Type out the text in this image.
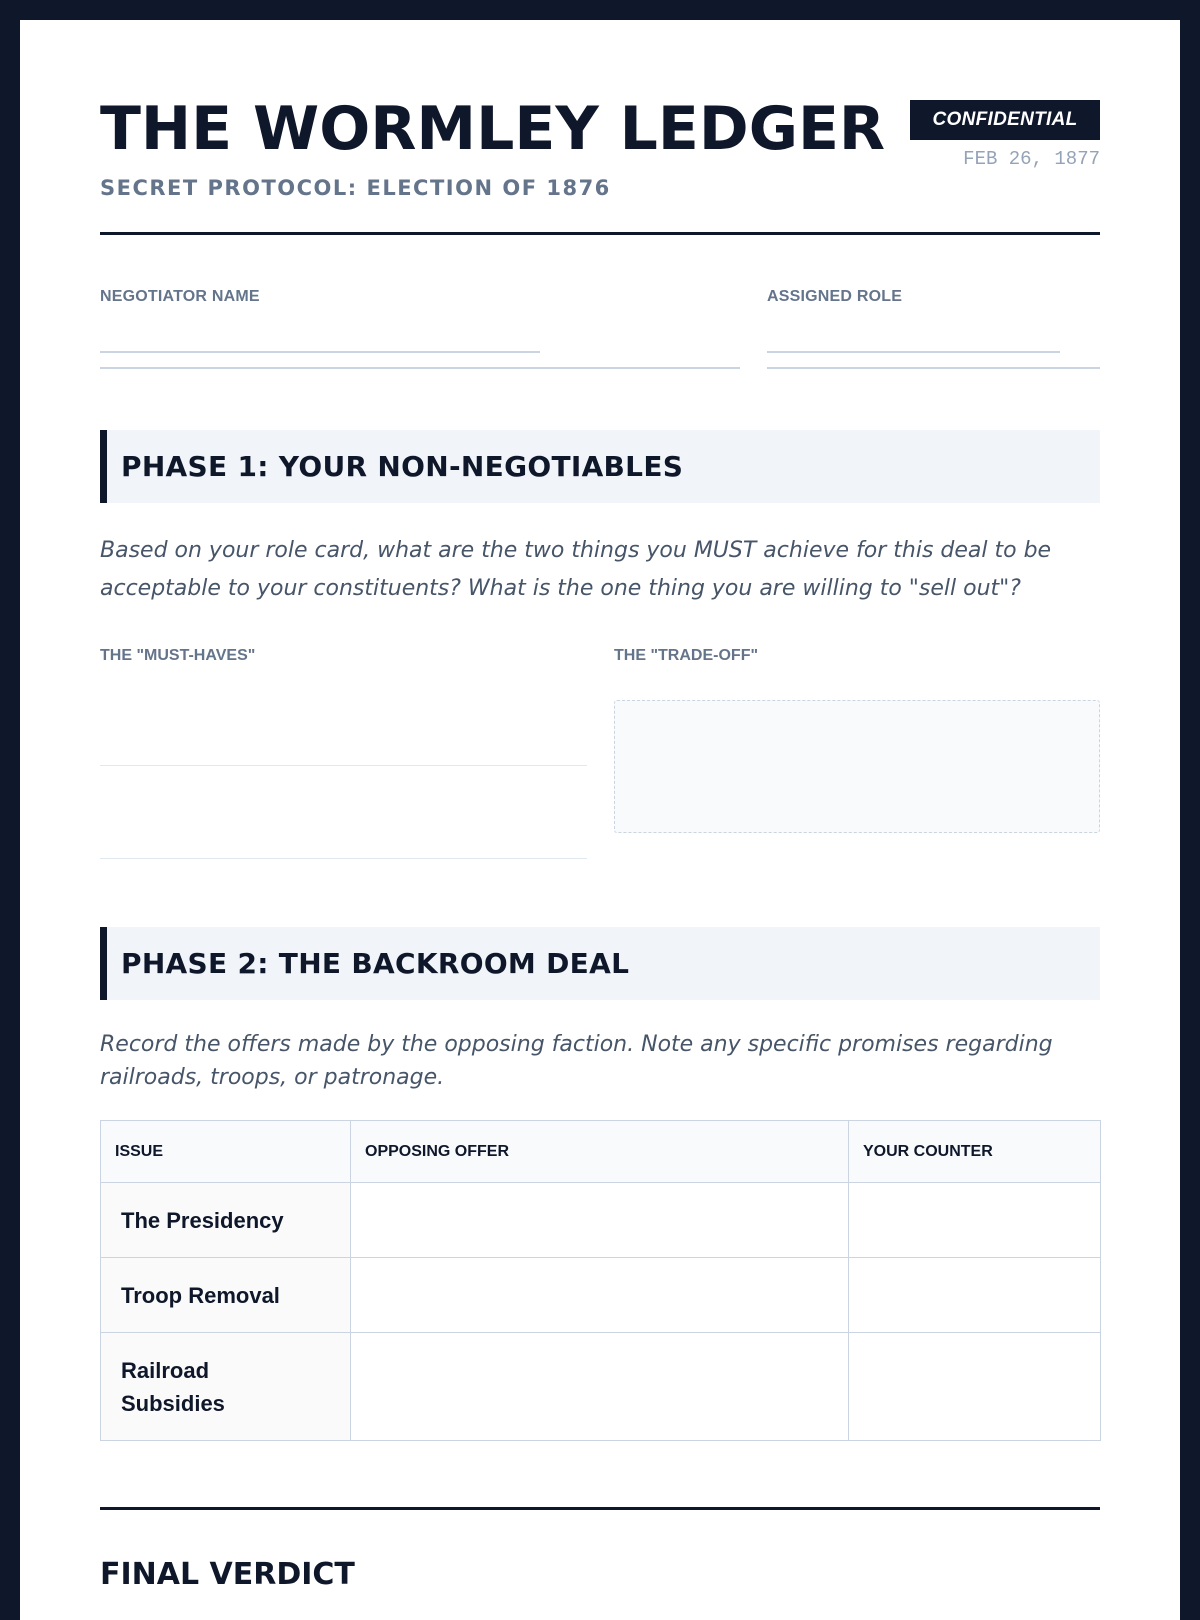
THE WORMLEY LEDGER
SECRET PROTOCOL: ELECTION OF 1876
CONFIDENTIAL
FEB 26, 1877
NEGOTIATOR NAME	ASSIGNED ROLE
PHASE 1: YOUR NON-NEGOTIABLES

Based on your role card, what are the two things you MUST achieve for this deal to be
acceptable to your constituents? What is the one thing you are willing to "sell out"?

THE "MUST-HAVES"	THE "TRADE-OFF"
PHASE 2: THE BACKROOM DEAL

Record the offers made by the opposing faction. Note any specific promises regarding
railroads, troops, or patronage.

ISSUE	OPPOSING OFFER	YOUR COUNTER
The Presidency		
Troop Removal		
Railroad Subsidies		
FINAL VERDICT
